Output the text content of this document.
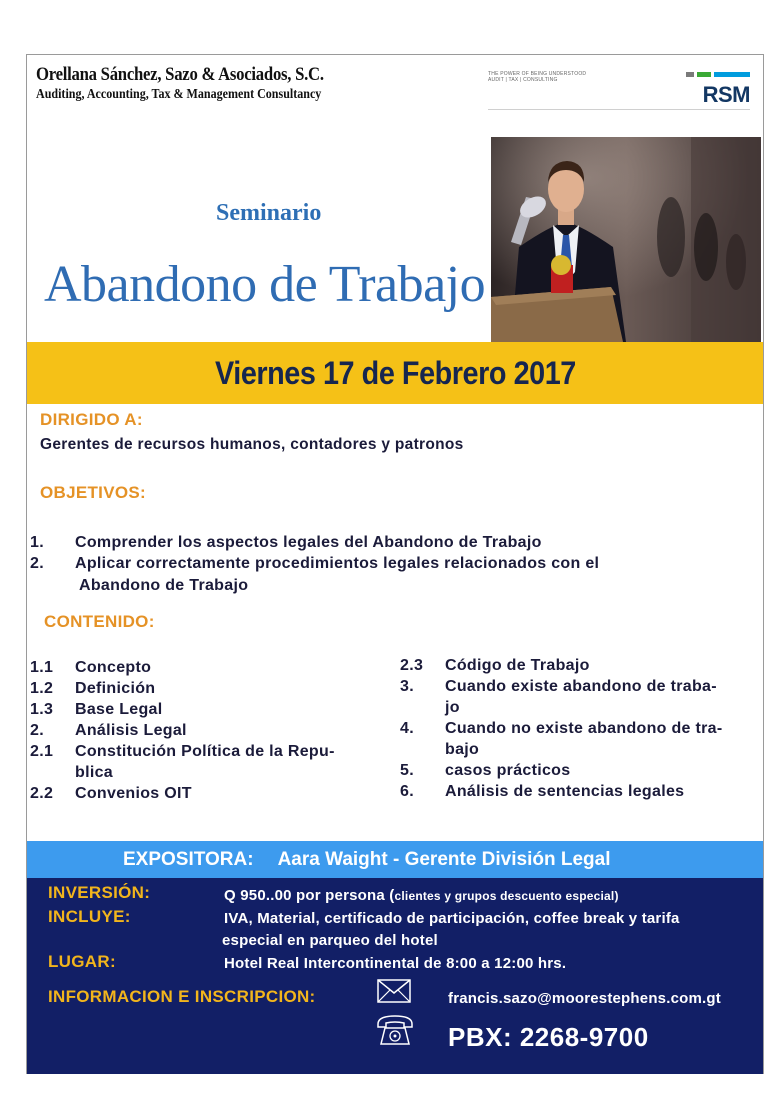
Orellana Sánchez, Sazo & Asociados, S.C.
Auditing, Accounting, Tax & Management Consultancy
THE POWER OF BEING UNDERSTOOD
AUDIT | TAX | CONSULTING
RSM
Seminario
Abandono de Trabajo
Viernes 17 de Febrero 2017
DIRIGIDO A:
Gerentes de recursos humanos, contadores y patronos
OBJETIVOS:
1. Comprender los aspectos legales del Abandono de Trabajo
2. Aplicar correctamente procedimientos legales relacionados con el
Abandono de Trabajo
CONTENIDO:
1.1 Concepto
1.2 Definición
1.3 Base Legal
2. Análisis Legal
2.1 Constitución Política de la Repu-
blica
2.2 Convenios OIT
2.3 Código de Trabajo
3. Cuando existe abandono de traba-
jo
4. Cuando no existe abandono de tra-
bajo
5. casos prácticos
6. Análisis de sentencias legales
EXPOSITORA: Aara Waight - Gerente División Legal
INVERSIÓN:	Q 950..00 por persona (clientes y grupos descuento especial)
INCLUYE:	IVA, Material, certificado de participación, coffee break y tarifa
especial en parqueo del hotel
LUGAR:	Hotel Real Intercontinental de 8:00 a 12:00 hrs.
INFORMACION E INSCRIPCION:	francis.sazo@moorestephens.com.gt
PBX: 2268-9700
